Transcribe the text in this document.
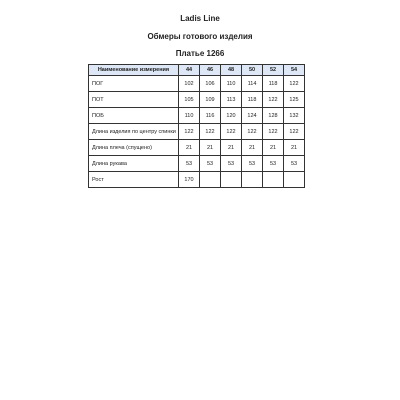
Ladis Line
Обмеры готового изделия
Платье 1266
Наименование измерения	44	46	48	50	52	54
ПОГ	102	106	110	114	118	122
ПОТ	105	109	113	118	122	125
ПОБ	110	116	120	124	128	132
Длина изделия по центру спинки	122	122	122	122	122	122
Длина плеча (спущено)	21	21	21	21	21	21
Длина рукава	53	53	53	53	53	53
Рост	170					
